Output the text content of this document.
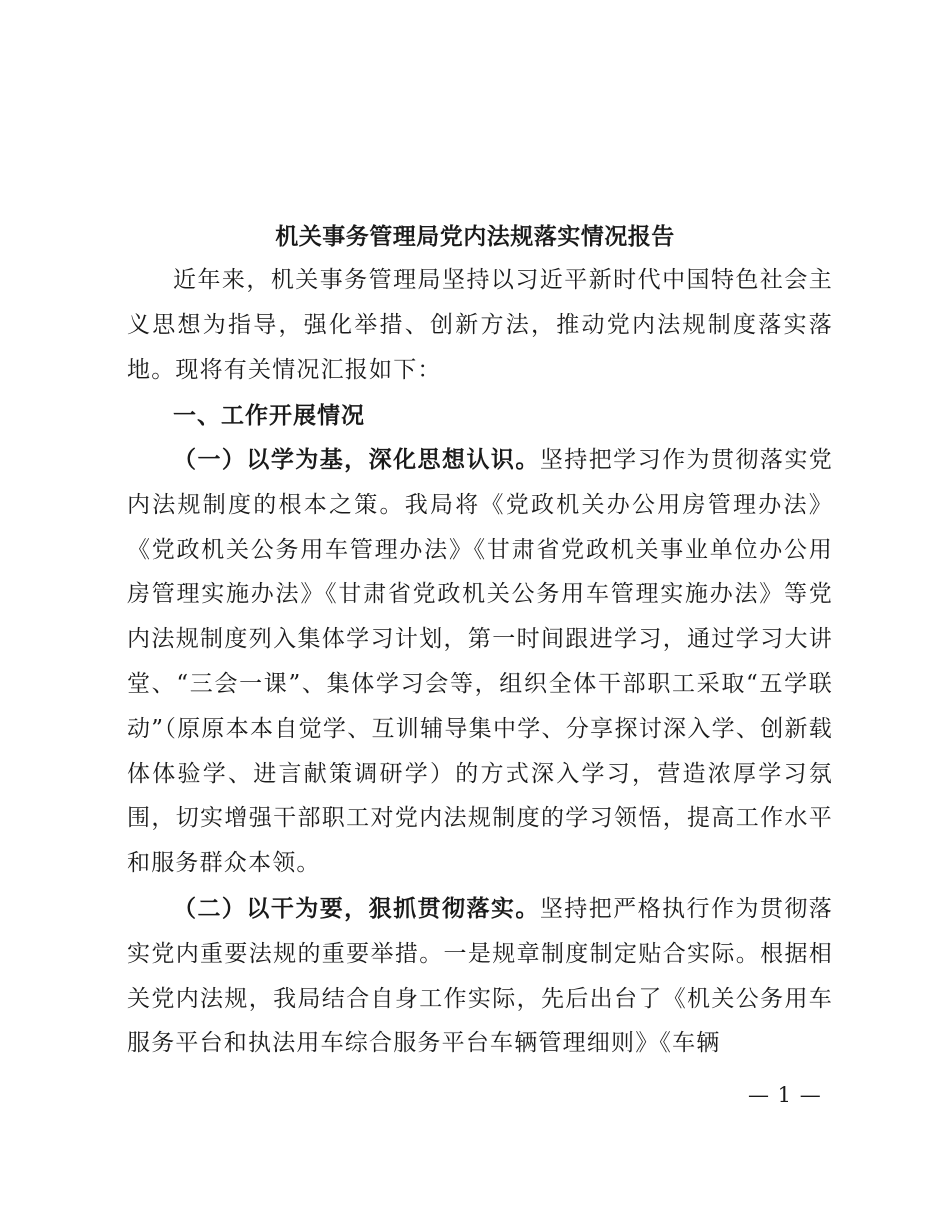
机关事务管理局党内法规落实情况报告

近年来，机关事务管理局坚持以习近平新时代中国特色社会主义思想为指导，强化举措、创新方法，推动党内法规制度落实落地。现将有关情况汇报如下：

一、工作开展情况

（一）以学为基，深化思想认识。坚持把学习作为贯彻落实党内法规制度的根本之策。我局将《党政机关办公用房管理办法》《党政机关公务用车管理办法》《甘肃省党政机关事业单位办公用房管理实施办法》《甘肃省党政机关公务用车管理实施办法》等党内法规制度列入集体学习计划，第一时间跟进学习，通过学习大讲堂、“三会一课”、集体学习会等，组织全体干部职工采取“五学联动”（原原本本自觉学、互训辅导集中学、分享探讨深入学、创新载体体验学、进言献策调研学）的方式深入学习，营造浓厚学习氛围，切实增强干部职工对党内法规制度的学习领悟，提高工作水平和服务群众本领。

（二）以干为要，狠抓贯彻落实。坚持把严格执行作为贯彻落实党内重要法规的重要举措。一是规章制度制定贴合实际。根据相关党内法规，我局结合自身工作实际，先后出台了《机关公务用车服务平台和执法用车综合服务平台车辆管理细则》《车辆

— 1 —
